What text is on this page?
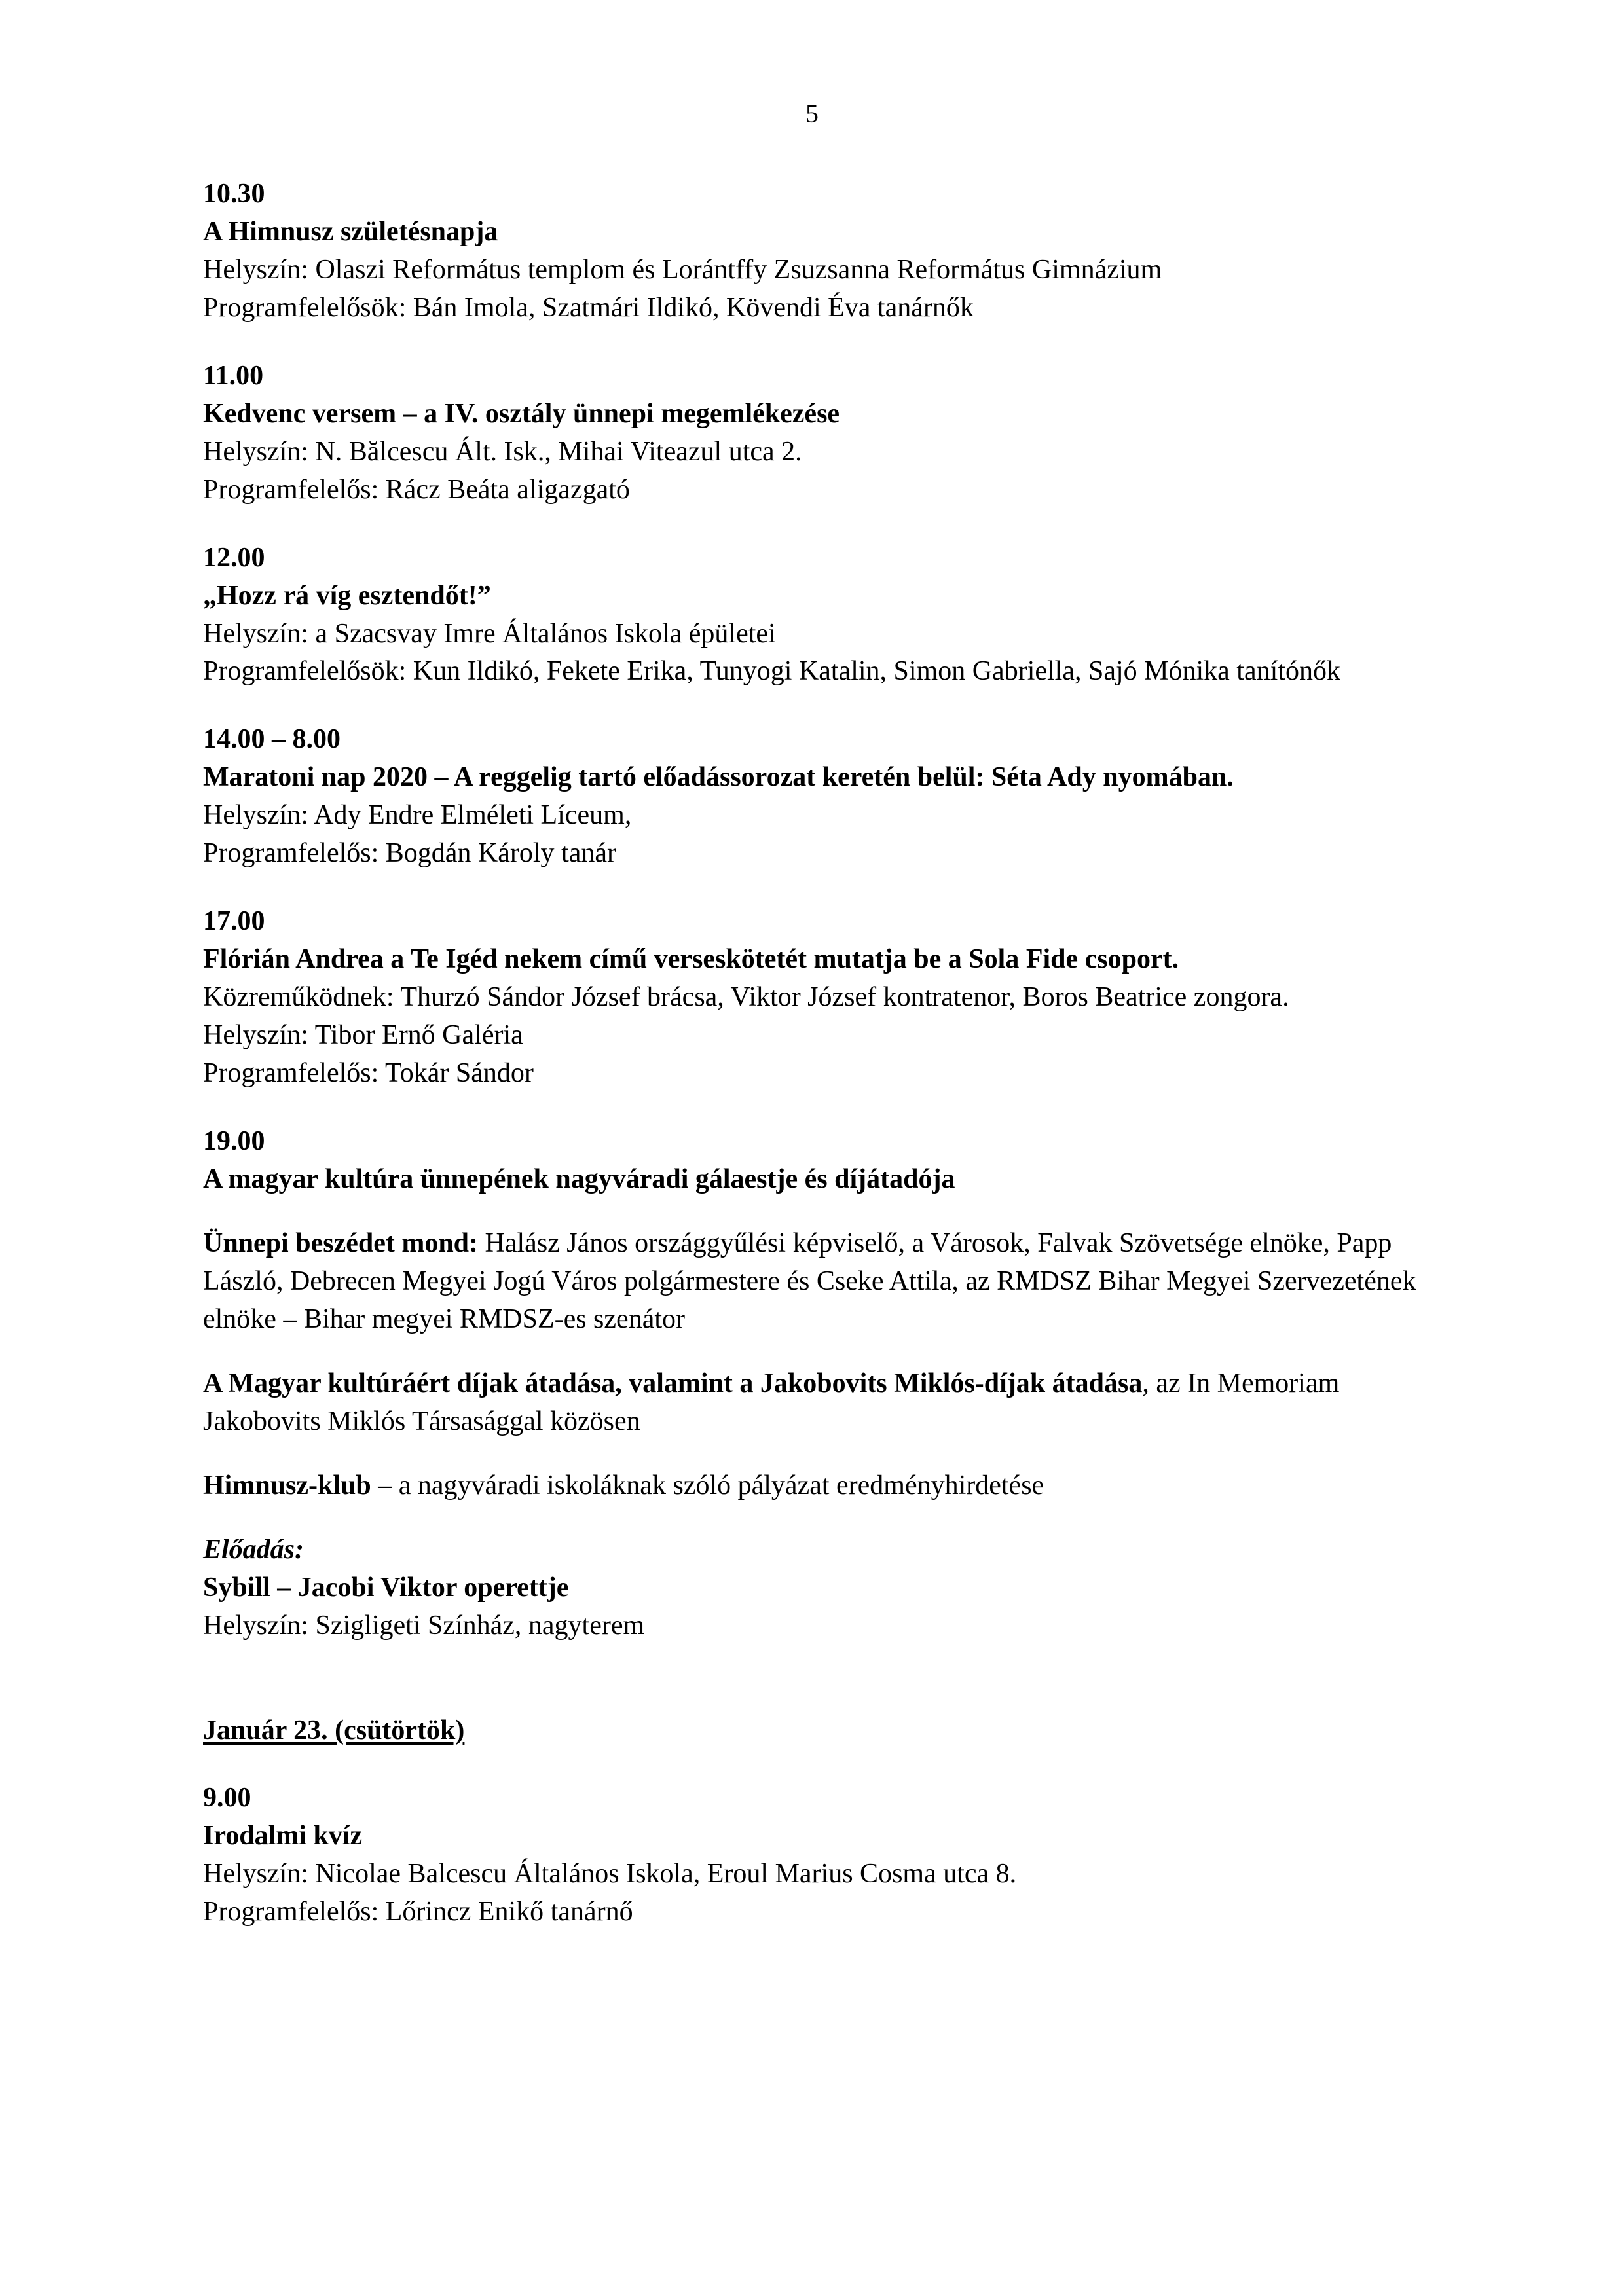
5

10.30

A Himnusz születésnapja

Helyszín: Olaszi Református templom és Lorántffy Zsuzsanna Református Gimnázium

Programfelelősök: Bán Imola, Szatmári Ildikó, Kövendi Éva tanárnők

11.00

Kedvenc versem – a IV. osztály ünnepi megemlékezése

Helyszín: N. Bălcescu Ált. Isk., Mihai Viteazul utca 2.

Programfelelős: Rácz Beáta aligazgató

12.00

„Hozz rá víg esztendőt!”

Helyszín: a Szacsvay Imre Általános Iskola épületei

Programfelelősök: Kun Ildikó, Fekete Erika, Tunyogi Katalin, Simon Gabriella, Sajó Mónika tanítónők

14.00 – 8.00

Maratoni nap 2020 – A reggelig tartó előadássorozat keretén belül: Séta Ady nyomában.

Helyszín: Ady Endre Elméleti Líceum,

Programfelelős: Bogdán Károly tanár

17.00

Flórián Andrea a Te Igéd nekem című verseskötetét mutatja be a Sola Fide csoport.

Közreműködnek: Thurzó Sándor József brácsa, Viktor József kontratenor, Boros Beatrice zongora.

Helyszín: Tibor Ernő Galéria

Programfelelős: Tokár Sándor

19.00

A magyar kultúra ünnepének nagyváradi gálaestje és díjátadója

Ünnepi beszédet mond: Halász János országgyűlési képviselő, a Városok, Falvak Szövetsége elnöke, Papp László, Debrecen Megyei Jogú Város polgármestere és Cseke Attila, az RMDSZ Bihar Megyei Szervezetének elnöke – Bihar megyei RMDSZ-es szenátor

A Magyar kultúráért díjak átadása, valamint a Jakobovits Miklós-díjak átadása, az In Memoriam Jakobovits Miklós Társasággal közösen

Himnusz-klub – a nagyváradi iskoláknak szóló pályázat eredményhirdetése

Előadás:

Sybill – Jacobi Viktor operettje

Helyszín: Szigligeti Színház, nagyterem

Január 23. (csütörtök)

9.00

Irodalmi kvíz

Helyszín: Nicolae Balcescu Általános Iskola, Eroul Marius Cosma utca 8.

Programfelelős: Lőrincz Enikő tanárnő
